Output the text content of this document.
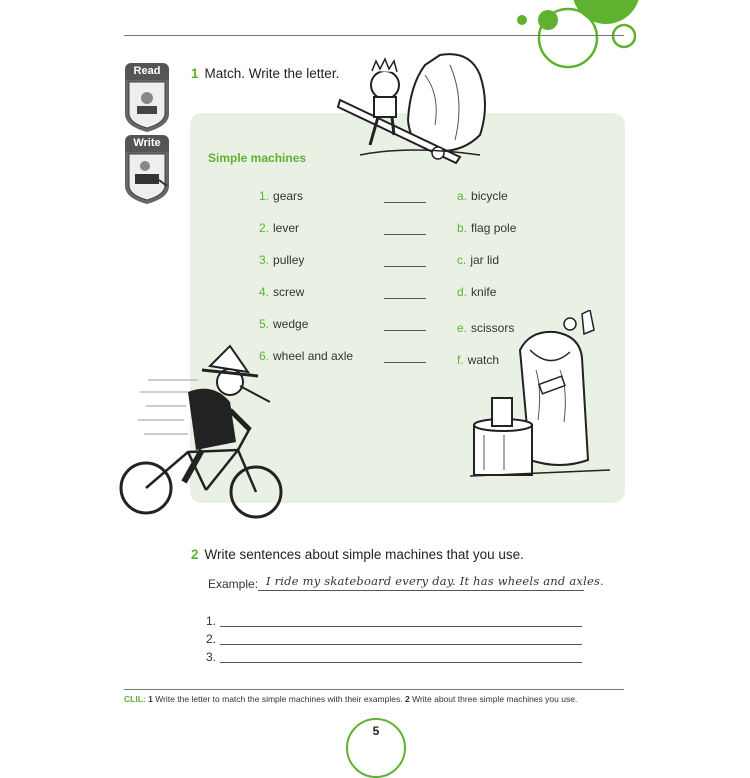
Read
Write
1 Match. Write the letter.
Simple machines
1. gears
2. lever
3. pulley
4. screw
5. wedge
6. wheel and axle
a. bicycle
b. flag pole
c. jar lid
d. knife
e. scissors
f. watch
2 Write sentences about simple machines that you use.
Example: I ride my skateboard every day. It has wheels and axles.
1.
2.
3.
CLIL: 1 Write the letter to match the simple machines with their examples. 2 Write about three simple machines you use.
5
